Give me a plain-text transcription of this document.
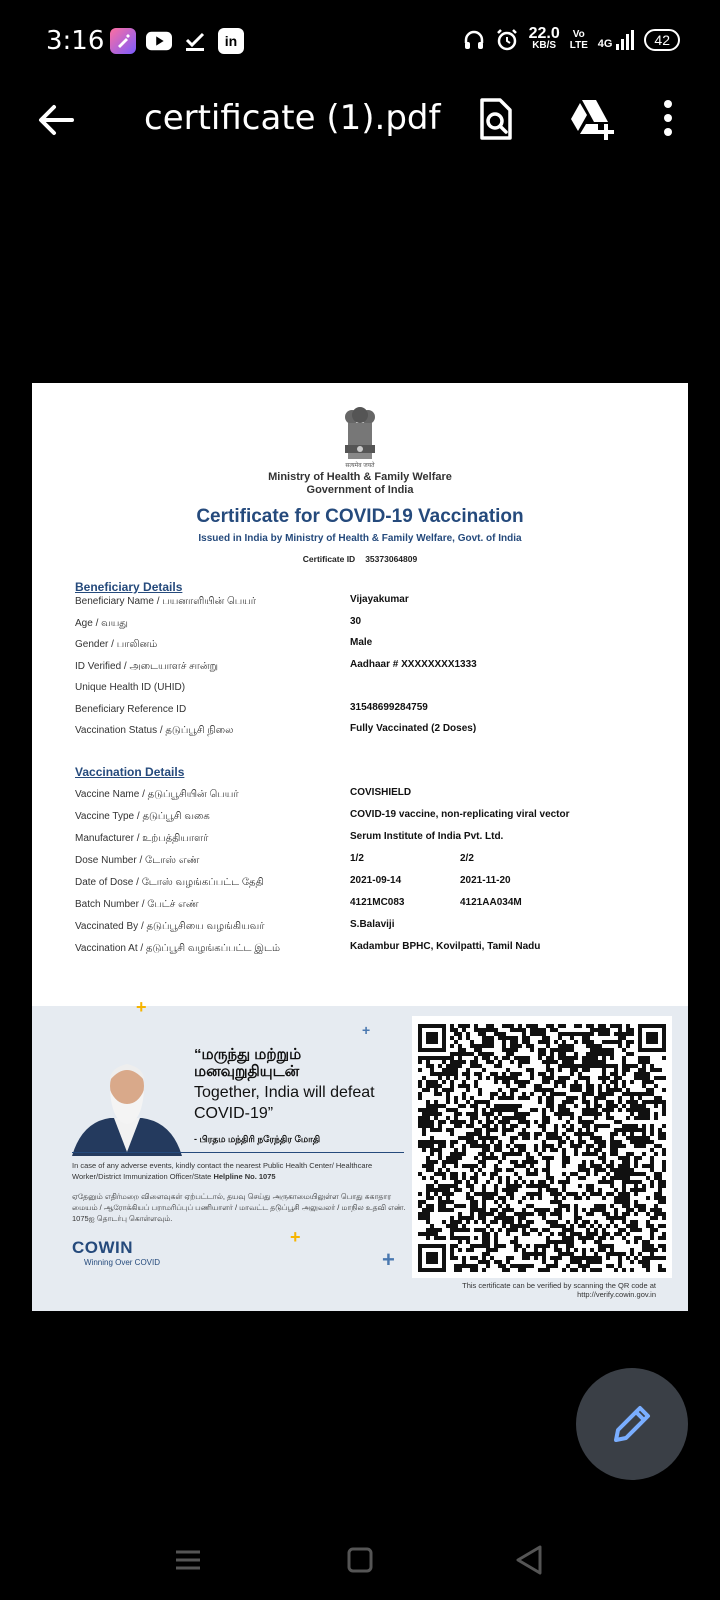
3:16	in	22.0
KB/S
Vo LTE 4G	42
certificate (1).pdf
सत्यमेव जयते
Ministry of Health & Family Welfare
Government of India
Certificate for COVID-19 Vaccination
Issued in India by Ministry of Health & Family Welfare, Govt. of India
Certificate ID 35373064809
Beneficiary Details
Beneficiary Name / பயனாளியின் பெயர்	Vijayakumar
Age / வயது	30
Gender / பாலினம்	Male
ID Verified / அடையாளச் சான்று	Aadhaar # XXXXXXXX1333
Unique Health ID (UHID)
Beneficiary Reference ID	31548699284759
Vaccination Status / தடுப்பூசி நிலை	Fully Vaccinated (2 Doses)
Vaccination Details
Vaccine Name / தடுப்பூசியின் பெயர்	COVISHIELD
Vaccine Type / தடுப்பூசி வகை	COVID-19 vaccine, non-replicating viral vector
Manufacturer / உற்பத்தியாளர்	Serum Institute of India Pvt. Ltd.
Dose Number / டோஸ் எண்	1/2	2/2
Date of Dose / டோஸ் வழங்கப்பட்ட தேதி	2021-09-14	2021-11-20
Batch Number / பேட்ச் எண்	4121MC083	4121AA034M
Vaccinated By / தடுப்பூசியை வழங்கியவர்	S.Balaviji
Vaccination At / தடுப்பூசி வழங்கப்பட்ட இடம்	Kadambur BPHC, Kovilpatti, Tamil Nadu
+
+
+
+
“மருந்து மற்றும்
மனவுறுதியுடன்
Together, India will defeat COVID-19”
- பிரதம மந்திரி நரேந்திர மோதி
In case of any adverse events, kindly contact the nearest Public Health Center/ Healthcare Worker/District Immunization Officer/State Helpline No. 1075
ஏதேனும் எதிர்மறை விளைவுகள் ஏற்பட்டால், தயவு செய்து அருகாமையிலுள்ள பொது சுகாதார மையம் / ஆரோக்கியப் பராமரிப்புப் பணியாளர் / மாவட்ட தடுப்பூசி அலுவலர் / மாநில உதவி எண். 1075ஐ தொடர்பு கொள்ளவும்.
COWIN
Winning Over COVID
This certificate can be verified by scanning the QR code at
http://verify.cowin.gov.in
